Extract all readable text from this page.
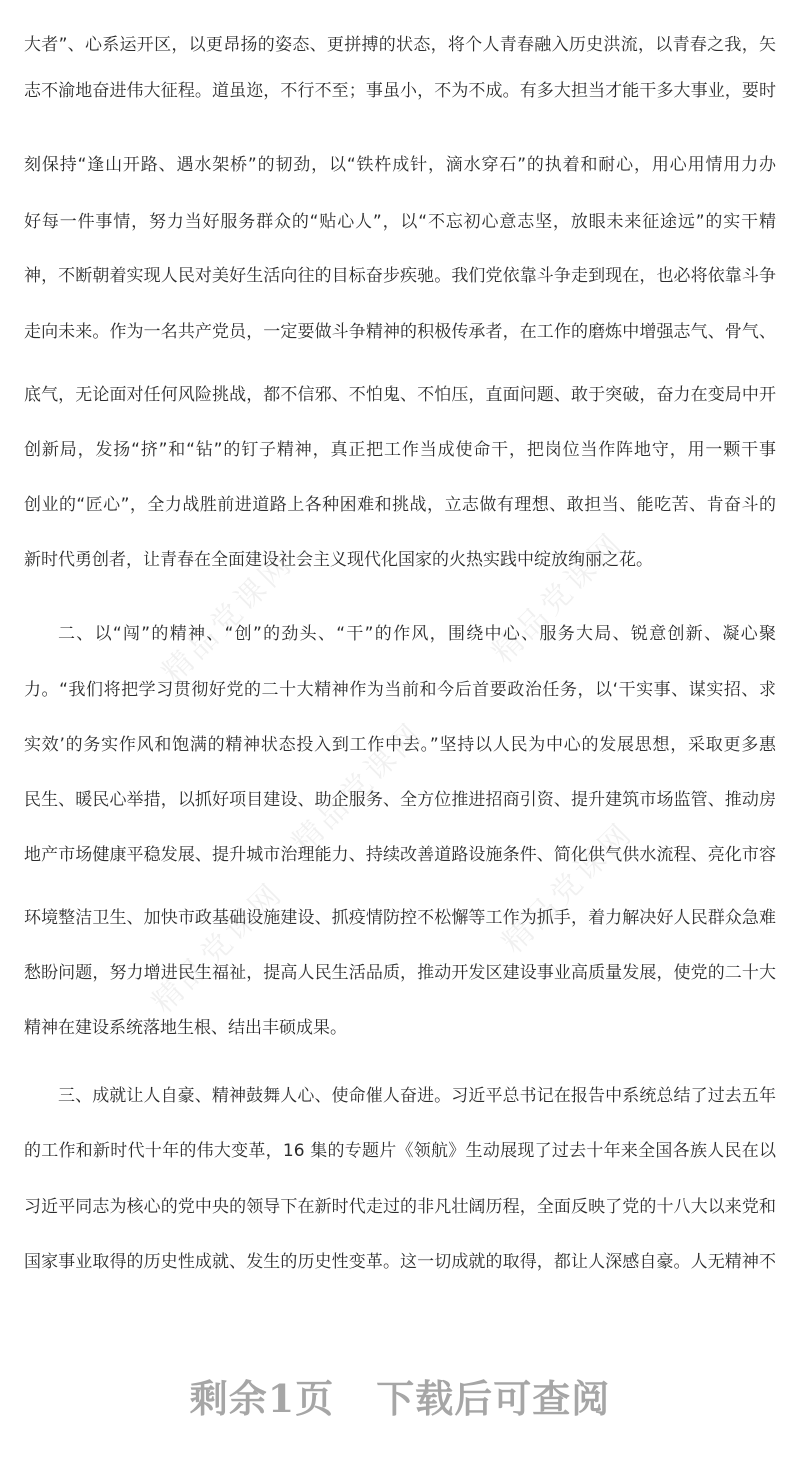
精品党课网	精品党课网
精品党课网
精品党课网	精品党课网
大者”、心系运开区，以更昂扬的姿态、更拼搏的状态，将个人青春融入历史洪流，以青春之我，矢
志不渝地奋进伟大征程。道虽迩，不行不至；事虽小，不为不成。有多大担当才能干多大事业，要时
刻保持“逢山开路、遇水架桥”的韧劲，以“铁杵成针，滴水穿石”的执着和耐心，用心用情用力办
好每一件事情，努力当好服务群众的“贴心人”，以“不忘初心意志坚，放眼未来征途远”的实干精
神，不断朝着实现人民对美好生活向往的目标奋步疾驰。我们党依靠斗争走到现在，也必将依靠斗争
走向未来。作为一名共产党员，一定要做斗争精神的积极传承者，在工作的磨炼中增强志气、骨气、
底气，无论面对任何风险挑战，都不信邪、不怕鬼、不怕压，直面问题、敢于突破，奋力在变局中开
创新局，发扬“挤”和“钻”的钉子精神，真正把工作当成使命干，把岗位当作阵地守，用一颗干事
创业的“匠心”，全力战胜前进道路上各种困难和挑战，立志做有理想、敢担当、能吃苦、肯奋斗的
新时代勇创者，让青春在全面建设社会主义现代化国家的火热实践中绽放绚丽之花。
二、以“闯”的精神、“创”的劲头、“干”的作风，围绕中心、服务大局、锐意创新、凝心聚
力。“我们将把学习贯彻好党的二十大精神作为当前和今后首要政治任务，以‘干实事、谋实招、求
实效’的务实作风和饱满的精神状态投入到工作中去。”坚持以人民为中心的发展思想，采取更多惠
民生、暖民心举措，以抓好项目建设、助企服务、全方位推进招商引资、提升建筑市场监管、推动房
地产市场健康平稳发展、提升城市治理能力、持续改善道路设施条件、简化供气供水流程、亮化市容
环境整洁卫生、加快市政基础设施建设、抓疫情防控不松懈等工作为抓手，着力解决好人民群众急难
愁盼问题，努力增进民生福祉，提高人民生活品质，推动开发区建设事业高质量发展，使党的二十大
精神在建设系统落地生根、结出丰硕成果。
三、成就让人自豪、精神鼓舞人心、使命催人奋进。习近平总书记在报告中系统总结了过去五年
的工作和新时代十年的伟大变革，16 集的专题片《领航》生动展现了过去十年来全国各族人民在以
习近平同志为核心的党中央的领导下在新时代走过的非凡壮阔历程，全面反映了党的十八大以来党和
国家事业取得的历史性成就、发生的历史性变革。这一切成就的取得，都让人深感自豪。人无精神不
剩余1页 下载后可查阅
